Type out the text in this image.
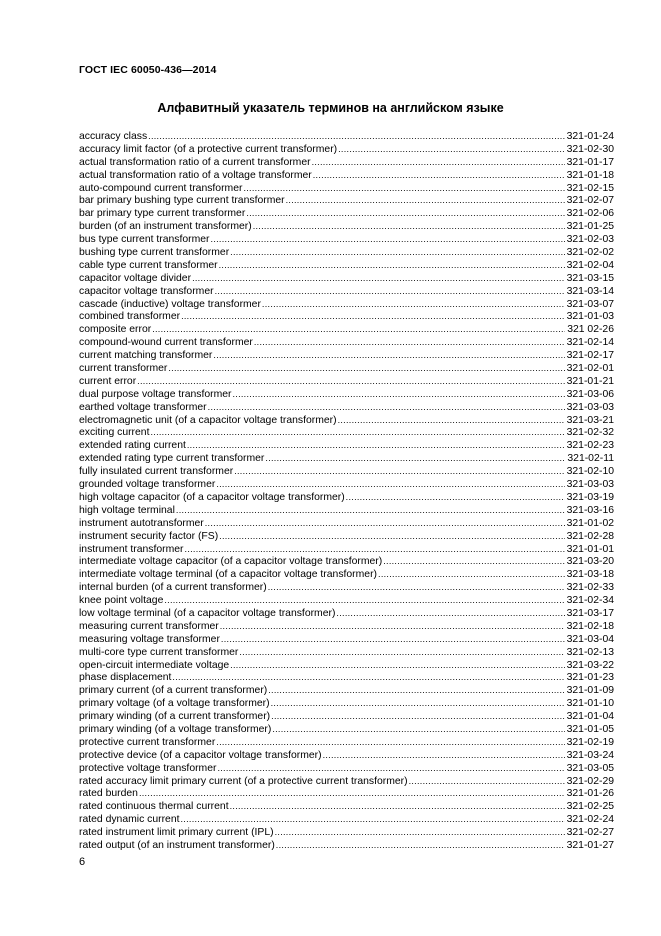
ГОСТ IEC 60050-436—2014
Алфавитный указатель терминов на английском языке
accuracy class .....	321-01-24
accuracy limit factor (of a protective current transformer) .....	321-02-30
actual transformation ratio of a current transformer .....	321-01-17
actual transformation ratio of a voltage transformer .....	321-01-18
auto-compound current transformer .....	321-02-15
bar primary bushing type current transformer .....	321-02-07
bar primary type current transformer .....	321-02-06
burden (of an instrument transformer) .....	321-01-25
bus type current transformer .....	321-02-03
bushing type current transformer .....	321-02-02
cable type current transformer .....	321-02-04
capacitor voltage divider .....	321-03-15
capacitor voltage transformer .....	321-03-14
cascade (inductive) voltage transformer .....	321-03-07
combined transformer .....	321-01-03
composite error .....	321 02-26
compound-wound current transformer .....	321-02-14
current matching transformer .....	321-02-17
current transformer .....	321-02-01
current error .....	321-01-21
dual purpose voltage transformer .....	321-03-06
earthed voltage transformer .....	321-03-03
electromagnetic unit (of a capacitor voltage transformer) .....	321-03-21
exciting current .....	321-02-32
extended rating current .....	321-02-23
extended rating type current transformer .....	321-02-11
fully insulated current transformer .....	321-02-10
grounded voltage transformer .....	321-03-03
high voltage capacitor (of a capacitor voltage transformer) .....	321-03-19
high voltage terminal .....	321-03-16
instrument autotransformer .....	321-01-02
instrument security factor (FS) .....	321-02-28
instrument transformer .....	321-01-01
intermediate voltage capacitor (of a capacitor voltage transformer) .....	321-03-20
intermediate voltage terminal (of a capacitor voltage transformer) .....	321-03-18
internal burden (of a current transformer) .....	321-02-33
knee point voltage .....	321-02-34
low voltage terminal (of a capacitor voltage transformer) .....	321-03-17
measuring current transformer .....	321-02-18
measuring voltage transformer .....	321-03-04
multi-core type current transformer .....	321-02-13
open-circuit intermediate voltage .....	321-03-22
phase displacement .....	321-01-23
primary current (of a current transformer) .....	321-01-09
primary voltage (of a voltage transformer) .....	321-01-10
primary winding (of a current transformer) .....	321-01-04
primary winding (of a voltage transformer) .....	321-01-05
protective current transformer .....	321-02-19
protective device (of a capacitor voltage transformer) .....	321-03-24
protective voltage transformer .....	321-03-05
rated accuracy limit primary current (of a protective current transformer) .....	321-02-29
rated burden .....	321-01-26
rated continuous thermal current .....	321-02-25
rated dynamic current .....	321-02-24
rated instrument limit primary current (IPL) .....	321-02-27
rated output (of an instrument transformer) .....	321-01-27
6
